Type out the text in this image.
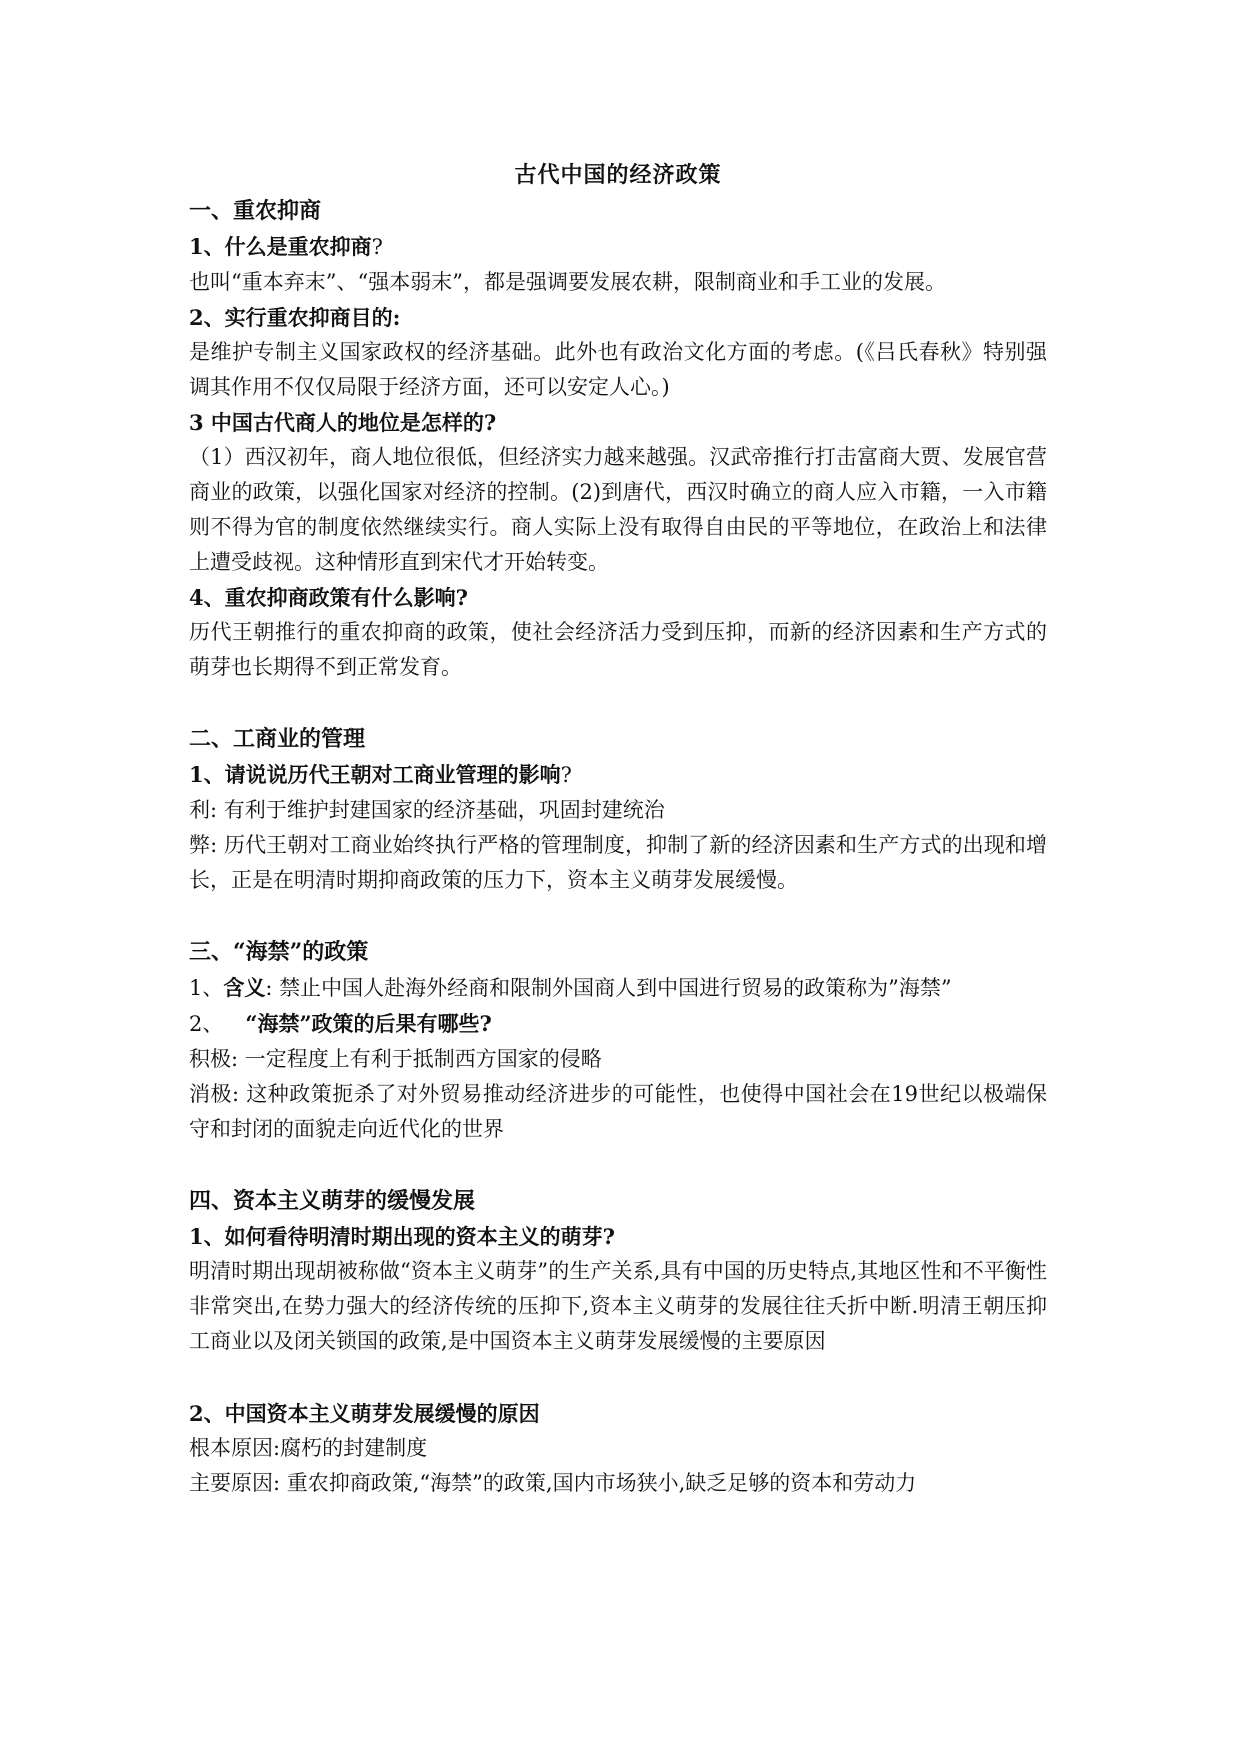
古代中国的经济政策

一、重农抑商

1、什么是重农抑商?

也叫“重本弃末”、“强本弱末”，都是强调要发展农耕，限制商业和手工业的发展。

2、实行重农抑商目的:

是维护专制主义国家政权的经济基础。此外也有政治文化方面的考虑。(《吕氏春秋》特别强调其作用不仅仅局限于经济方面，还可以安定人心。)

3 中国古代商人的地位是怎样的?

（1）西汉初年，商人地位很低，但经济实力越来越强。汉武帝推行打击富商大贾、发展官营商业的政策，以强化国家对经济的控制。(2)到唐代，西汉时确立的商人应入市籍，一入市籍则不得为官的制度依然继续实行。商人实际上没有取得自由民的平等地位，在政治上和法律上遭受歧视。这种情形直到宋代才开始转变。

4、重农抑商政策有什么影响?

历代王朝推行的重农抑商的政策，使社会经济活力受到压抑，而新的经济因素和生产方式的萌芽也长期得不到正常发育。

二、工商业的管理

1、请说说历代王朝对工商业管理的影响?

利: 有利于维护封建国家的经济基础，巩固封建统治

弊: 历代王朝对工商业始终执行严格的管理制度，抑制了新的经济因素和生产方式的出现和增长，正是在明清时期抑商政策的压力下，资本主义萌芽发展缓慢。

三、“海禁”的政策

1、含义: 禁止中国人赴海外经商和限制外国商人到中国进行贸易的政策称为”海禁”

2、 “海禁”政策的后果有哪些?

积极: 一定程度上有利于抵制西方国家的侵略

消极: 这种政策扼杀了对外贸易推动经济进步的可能性，也使得中国社会在19世纪以极端保守和封闭的面貌走向近代化的世界

四、资本主义萌芽的缓慢发展

1、如何看待明清时期出现的资本主义的萌芽?

明清时期出现胡被称做“资本主义萌芽”的生产关系,具有中国的历史特点,其地区性和不平衡性非常突出,在势力强大的经济传统的压抑下,资本主义萌芽的发展往往夭折中断.明清王朝压抑工商业以及闭关锁国的政策,是中国资本主义萌芽发展缓慢的主要原因

2、中国资本主义萌芽发展缓慢的原因

根本原因:腐朽的封建制度

主要原因: 重农抑商政策,“海禁”的政策,国内市场狭小,缺乏足够的资本和劳动力
